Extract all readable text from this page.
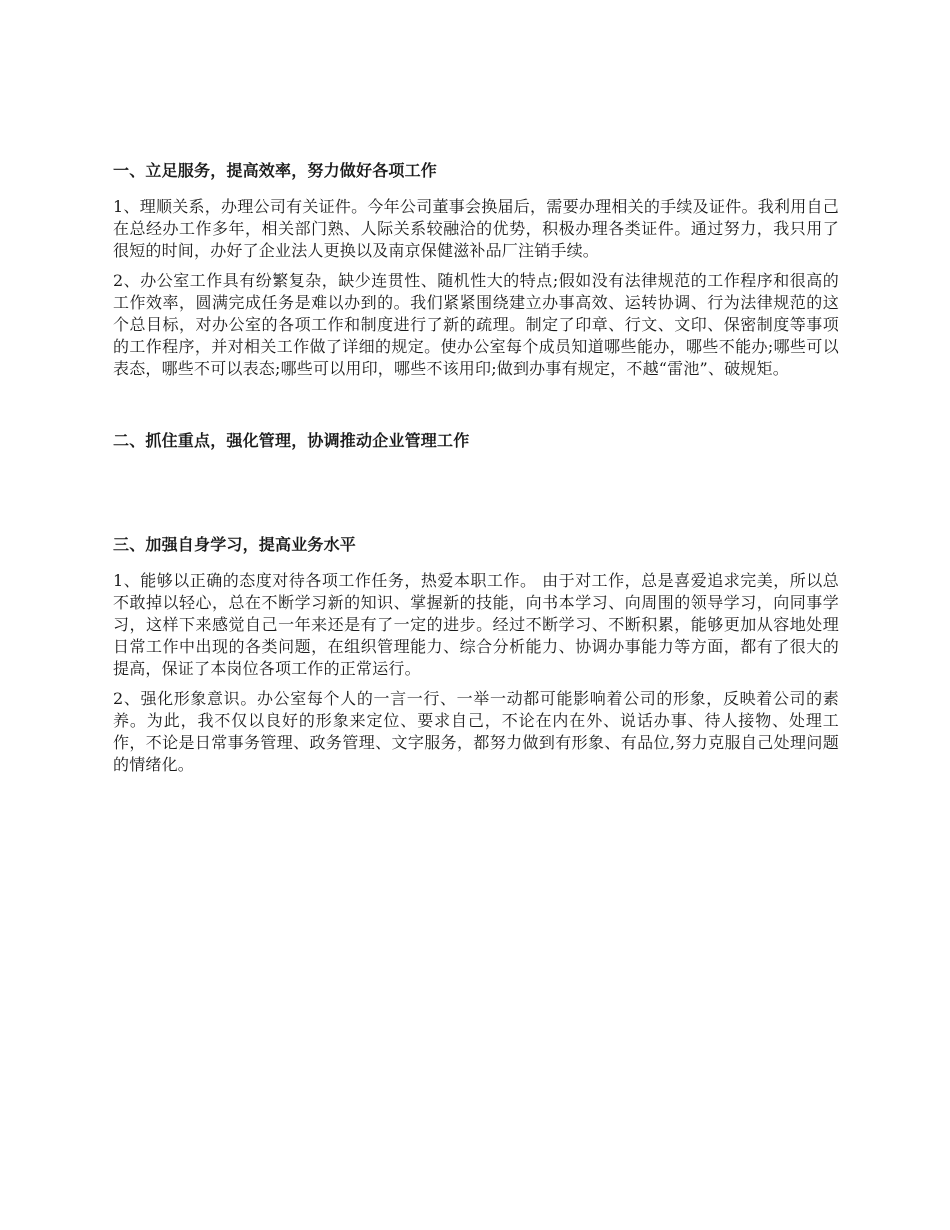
一、立足服务，提高效率，努力做好各项工作

1、理顺关系，办理公司有关证件。今年公司董事会换届后，需要办理相关的手续及证件。我利用自己在总经办工作多年，相关部门熟、人际关系较融洽的优势，积极办理各类证件。通过努力，我只用了很短的时间，办好了企业法人更换以及南京保健滋补品厂注销手续。

2、办公室工作具有纷繁复杂，缺少连贯性、随机性大的特点;假如没有法律规范的工作程序和很高的工作效率，圆满完成任务是难以办到的。我们紧紧围绕建立办事高效、运转协调、行为法律规范的这个总目标，对办公室的各项工作和制度进行了新的疏理。制定了印章、行文、文印、保密制度等事项的工作程序，并对相关工作做了详细的规定。使办公室每个成员知道哪些能办，哪些不能办;哪些可以表态，哪些不可以表态;哪些可以用印，哪些不该用印;做到办事有规定，不越“雷池”、破规矩。

二、抓住重点，强化管理，协调推动企业管理工作
三、加强自身学习，提高业务水平

1、能够以正确的态度对待各项工作任务，热爱本职工作。 由于对工作，总是喜爱追求完美，所以总不敢掉以轻心，总在不断学习新的知识、掌握新的技能，向书本学习、向周围的领导学习，向同事学习，这样下来感觉自己一年来还是有了一定的进步。经过不断学习、不断积累，能够更加从容地处理日常工作中出现的各类问题，在组织管理能力、综合分析能力、协调办事能力等方面，都有了很大的提高，保证了本岗位各项工作的正常运行。

2、强化形象意识。办公室每个人的一言一行、一举一动都可能影响着公司的形象，反映着公司的素养。为此，我不仅以良好的形象来定位、要求自己，不论在内在外、说话办事、待人接物、处理工作，不论是日常事务管理、政务管理、文字服务，都努力做到有形象、有品位,努力克服自己处理问题的情绪化。
